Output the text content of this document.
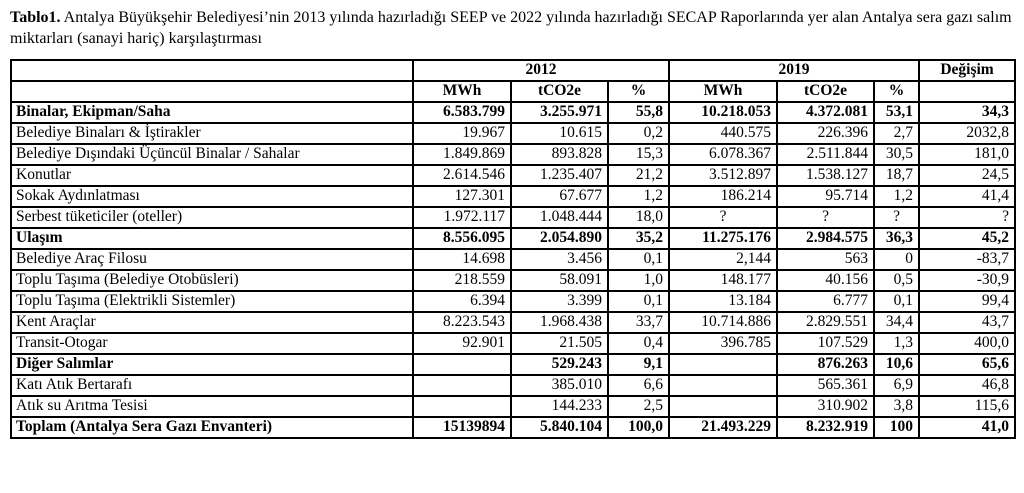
Tablo1. Antalya Büyükşehir Belediyesi’nin 2013 yılında hazırladığı SEEP ve 2022 yılında hazırladığı SECAP Raporlarında yer alan Antalya sera gazı salım miktarları (sanayi hariç) karşılaştırması
	2012			2019			Değişim
	MWh	tCO2e	%	MWh	tCO2e	%	
Binalar, Ekipman/Saha	6.583.799	3.255.971	55,8	10.218.053	4.372.081	53,1	34,3
Belediye Binaları & İştirakler	19.967	10.615	0,2	440.575	226.396	2,7	2032,8
Belediye Dışındaki Üçüncül Binalar / Sahalar	1.849.869	893.828	15,3	6.078.367	2.511.844	30,5	181,0
Konutlar	2.614.546	1.235.407	21,2	3.512.897	1.538.127	18,7	24,5
Sokak Aydınlatması	127.301	67.677	1,2	186.214	95.714	1,2	41,4
Serbest tüketiciler (oteller)	1.972.117	1.048.444	18,0	?	?	?	?
Ulaşım	8.556.095	2.054.890	35,2	11.275.176	2.984.575	36,3	45,2
Belediye Araç Filosu	14.698	3.456	0,1	2,144	563	0	-83,7
Toplu Taşıma (Belediye Otobüsleri)	218.559	58.091	1,0	148.177	40.156	0,5	-30,9
Toplu Taşıma (Elektrikli Sistemler)	6.394	3.399	0,1	13.184	6.777	0,1	99,4
Kent Araçlar	8.223.543	1.968.438	33,7	10.714.886	2.829.551	34,4	43,7
Transit-Otogar	92.901	21.505	0,4	396.785	107.529	1,3	400,0
Diğer Salımlar		529.243	9,1		876.263	10,6	65,6
Katı Atık Bertarafı		385.010	6,6		565.361	6,9	46,8
Atık su Arıtma Tesisi		144.233	2,5		310.902	3,8	115,6
Toplam (Antalya Sera Gazı Envanteri)	15139894	5.840.104	100,0	21.493.229	8.232.919	100	41,0
